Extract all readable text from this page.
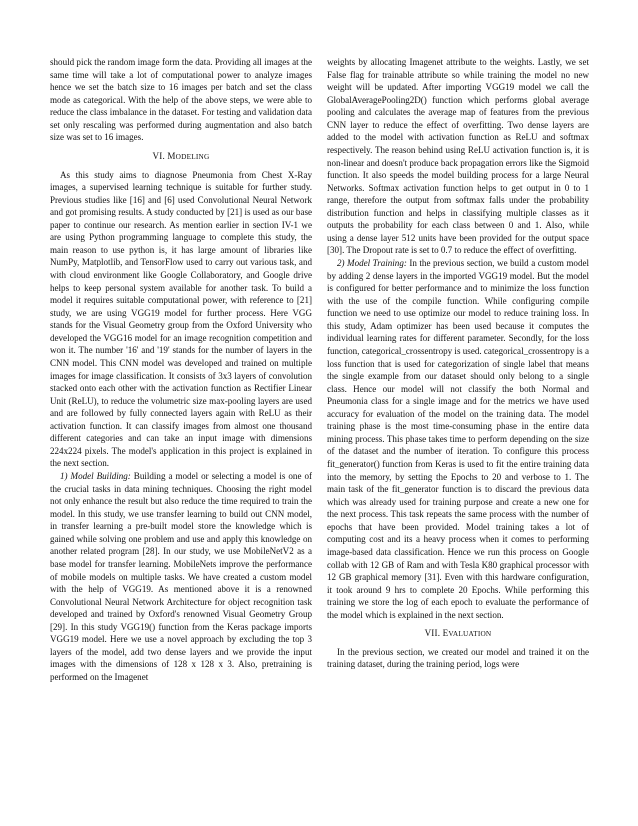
should pick the random image form the data. Providing all images at the same time will take a lot of computational power to analyze images hence we set the batch size to 16 images per batch and set the class mode as categorical. With the help of the above steps, we were able to reduce the class imbalance in the dataset. For testing and validation data set only rescaling was performed during augmentation and also batch size was set to 16 images.

VI. MODELING

As this study aims to diagnose Pneumonia from Chest X-Ray images, a supervised learning technique is suitable for further study. Previous studies like [16] and [6] used Convolutional Neural Network and got promising results. A study conducted by [21] is used as our base paper to continue our research. As mention earlier in section IV-1 we are using Python programming language to complete this study, the main reason to use python is, it has large amount of libraries like NumPy, Matplotlib, and TensorFlow used to carry out various task, and with cloud environment like Google Collaboratory, and Google drive helps to keep personal system available for another task. To build a model it requires suitable computational power, with reference to [21] study, we are using VGG19 model for further process. Here VGG stands for the Visual Geometry group from the Oxford University who developed the VGG16 model for an image recognition competition and won it. The number '16' and '19' stands for the number of layers in the CNN model. This CNN model was developed and trained on multiple images for image classification. It consists of 3x3 layers of convolution stacked onto each other with the activation function as Rectifier Linear Unit (ReLU), to reduce the volumetric size max-pooling layers are used and are followed by fully connected layers again with ReLU as their activation function. It can classify images from almost one thousand different categories and can take an input image with dimensions 224x224 pixels. The model's application in this project is explained in the next section.

1) Model Building: Building a model or selecting a model is one of the crucial tasks in data mining techniques. Choosing the right model not only enhance the result but also reduce the time required to train the model. In this study, we use transfer learning to build out CNN model, in transfer learning a pre-built model store the knowledge which is gained while solving one problem and use and apply this knowledge on another related program [28]. In our study, we use MobileNetV2 as a base model for transfer learning. MobileNets improve the performance of mobile models on multiple tasks. We have created a custom model with the help of VGG19. As mentioned above it is a renowned Convolutional Neural Network Architecture for object recognition task developed and trained by Oxford's renowned Visual Geometry Group [29]. In this study VGG19() function from the Keras package imports VGG19 model. Here we use a novel approach by excluding the top 3 layers of the model, add two dense layers and we provide the input images with the dimensions of 128 x 128 x 3. Also, pretraining is performed on the Imagenet

weights by allocating Imagenet attribute to the weights. Lastly, we set False flag for trainable attribute so while training the model no new weight will be updated. After importing VGG19 model we call the GlobalAveragePooling2D() function which performs global average pooling and calculates the average map of features from the previous CNN layer to reduce the effect of overfitting. Two dense layers are added to the model with activation function as ReLU and softmax respectively. The reason behind using ReLU activation function is, it is non-linear and doesn't produce back propagation errors like the Sigmoid function. It also speeds the model building process for a large Neural Networks. Softmax activation function helps to get output in 0 to 1 range, therefore the output from softmax falls under the probability distribution function and helps in classifying multiple classes as it outputs the probability for each class between 0 and 1. Also, while using a dense layer 512 units have been provided for the output space [30]. The Dropout rate is set to 0.7 to reduce the effect of overfitting.

2) Model Training: In the previous section, we build a custom model by adding 2 dense layers in the imported VGG19 model. But the model is configured for better performance and to minimize the loss function with the use of the compile function. While configuring compile function we need to use optimize our model to reduce training loss. In this study, Adam optimizer has been used because it computes the individual learning rates for different parameter. Secondly, for the loss function, categorical_crossentropy is used. categorical_crossentropy is a loss function that is used for categorization of single label that means the single example from our dataset should only belong to a single class. Hence our model will not classify the both Normal and Pneumonia class for a single image and for the metrics we have used accuracy for evaluation of the model on the training data. The model training phase is the most time-consuming phase in the entire data mining process. This phase takes time to perform depending on the size of the dataset and the number of iteration. To configure this process fit_generator() function from Keras is used to fit the entire training data into the memory, by setting the Epochs to 20 and verbose to 1. The main task of the fit_generator function is to discard the previous data which was already used for training purpose and create a new one for the next process. This task repeats the same process with the number of epochs that have been provided. Model training takes a lot of computing cost and its a heavy process when it comes to performing image-based data classification. Hence we run this process on Google collab with 12 GB of Ram and with Tesla K80 graphical processor with 12 GB graphical memory [31]. Even with this hardware configuration, it took around 9 hrs to complete 20 Epochs. While performing this training we store the log of each epoch to evaluate the performance of the model which is explained in the next section.

VII. EVALUATION

In the previous section, we created our model and trained it on the training dataset, during the training period, logs were
